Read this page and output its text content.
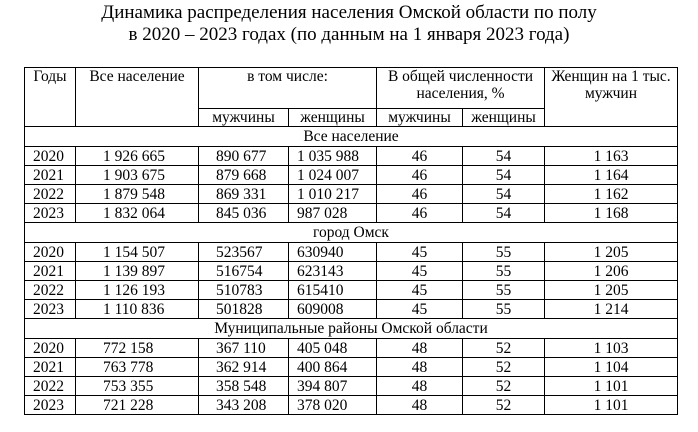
Динамика распределения населения Омской области по полу
в 2020 – 2023 годах (по данным на 1 января 2023 года)
Годы	Все население	в том числе:		В общей численности населения, %		Женщин на 1 тыс. мужчин
		мужчины	женщины	мужчины	женщины	
Все население						
2020	1 926 665	890 677	1 035 988	46	54	1 163
2021	1 903 675	879 668	1 024 007	46	54	1 164
2022	1 879 548	869 331	1 010 217	46	54	1 162
2023	1 832 064	845 036	987 028	46	54	1 168
город Омск						
2020	1 154 507	523567	630940	45	55	1 205
2021	1 139 897	516754	623143	45	55	1 206
2022	1 126 193	510783	615410	45	55	1 205
2023	1 110 836	501828	609008	45	55	1 214
Муниципальные районы Омской области						
2020	772 158	367 110	405 048	48	52	1 103
2021	763 778	362 914	400 864	48	52	1 104
2022	753 355	358 548	394 807	48	52	1 101
2023	721 228	343 208	378 020	48	52	1 101
